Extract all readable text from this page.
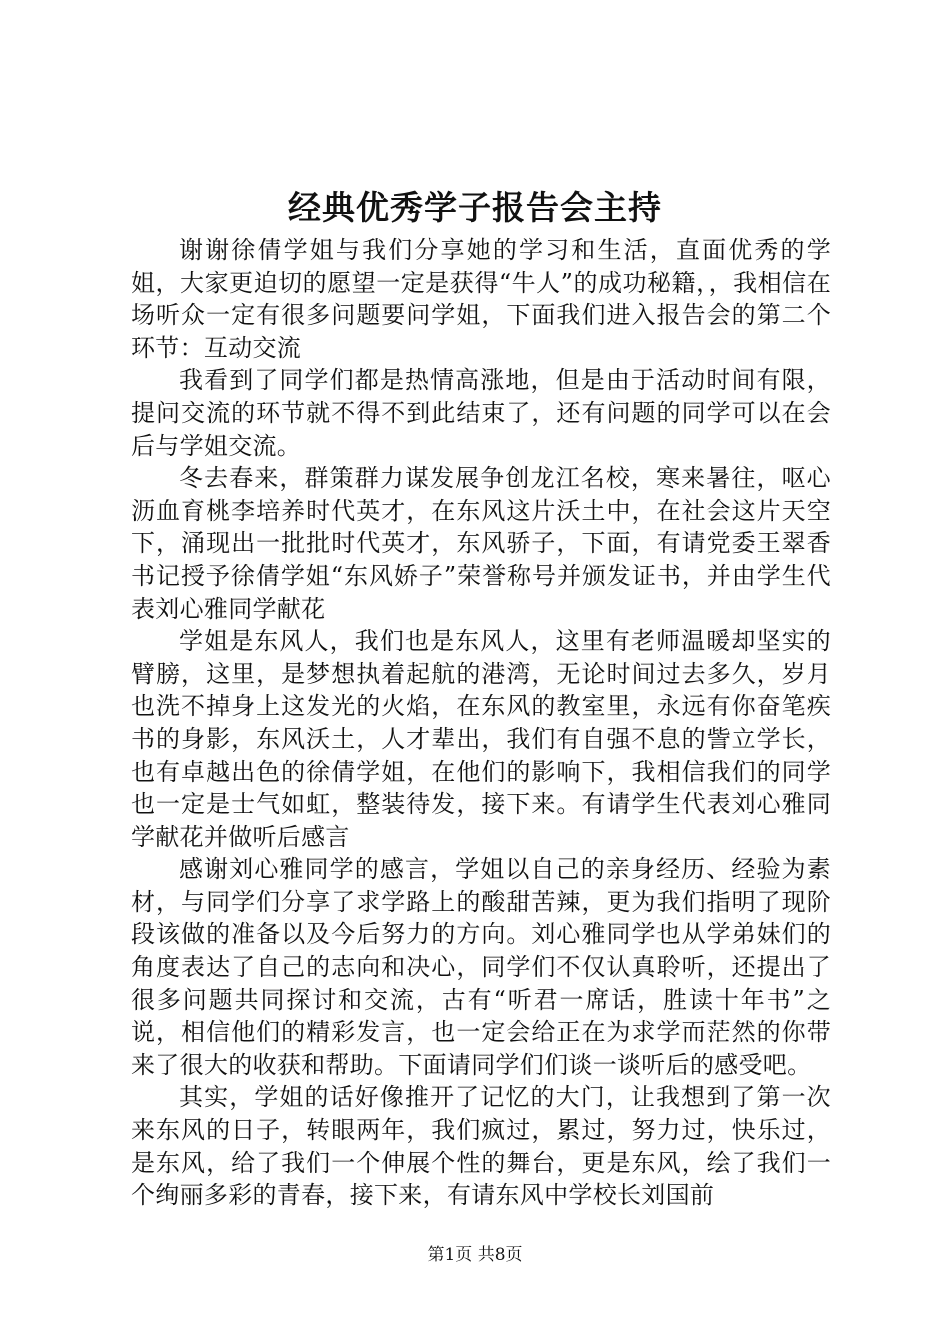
经典优秀学子报告会主持

谢谢徐倩学姐与我们分享她的学习和生活，直面优秀的学姐，大家更迫切的愿望一定是获得“牛人”的成功秘籍，，我相信在场听众一定有很多问题要问学姐，下面我们进入报告会的第二个环节：互动交流

我看到了同学们都是热情高涨地，但是由于活动时间有限，提问交流的环节就不得不到此结束了，还有问题的同学可以在会后与学姐交流。

冬去春来，群策群力谋发展争创龙江名校，寒来暑往，呕心沥血育桃李培养时代英才，在东风这片沃土中，在社会这片天空下，涌现出一批批时代英才，东风骄子，下面，有请党委王翠香书记授予徐倩学姐“东风娇子”荣誉称号并颁发证书，并由学生代表刘心雅同学献花

学姐是东风人，我们也是东风人，这里有老师温暖却坚实的臂膀，这里，是梦想执着起航的港湾，无论时间过去多久，岁月也洗不掉身上这发光的火焰，在东风的教室里，永远有你奋笔疾书的身影，东风沃土，人才辈出，我们有自强不息的訾立学长，也有卓越出色的徐倩学姐，在他们的影响下，我相信我们的同学也一定是士气如虹，整装待发，接下来。有请学生代表刘心雅同学献花并做听后感言

感谢刘心雅同学的感言，学姐以自己的亲身经历、经验为素材，与同学们分享了求学路上的酸甜苦辣，更为我们指明了现阶段该做的准备以及今后努力的方向。刘心雅同学也从学弟妹们的角度表达了自己的志向和决心，同学们不仅认真聆听，还提出了很多问题共同探讨和交流，古有“听君一席话，胜读十年书”之说，相信他们的精彩发言，也一定会给正在为求学而茫然的你带来了很大的收获和帮助。下面请同学们们谈一谈听后的感受吧。

其实，学姐的话好像推开了记忆的大门，让我想到了第一次来东风的日子，转眼两年，我们疯过，累过，努力过，快乐过，是东风，给了我们一个伸展个性的舞台，更是东风，绘了我们一个绚丽多彩的青春，接下来，有请东风中学校长刘国前

第1页 共8页
